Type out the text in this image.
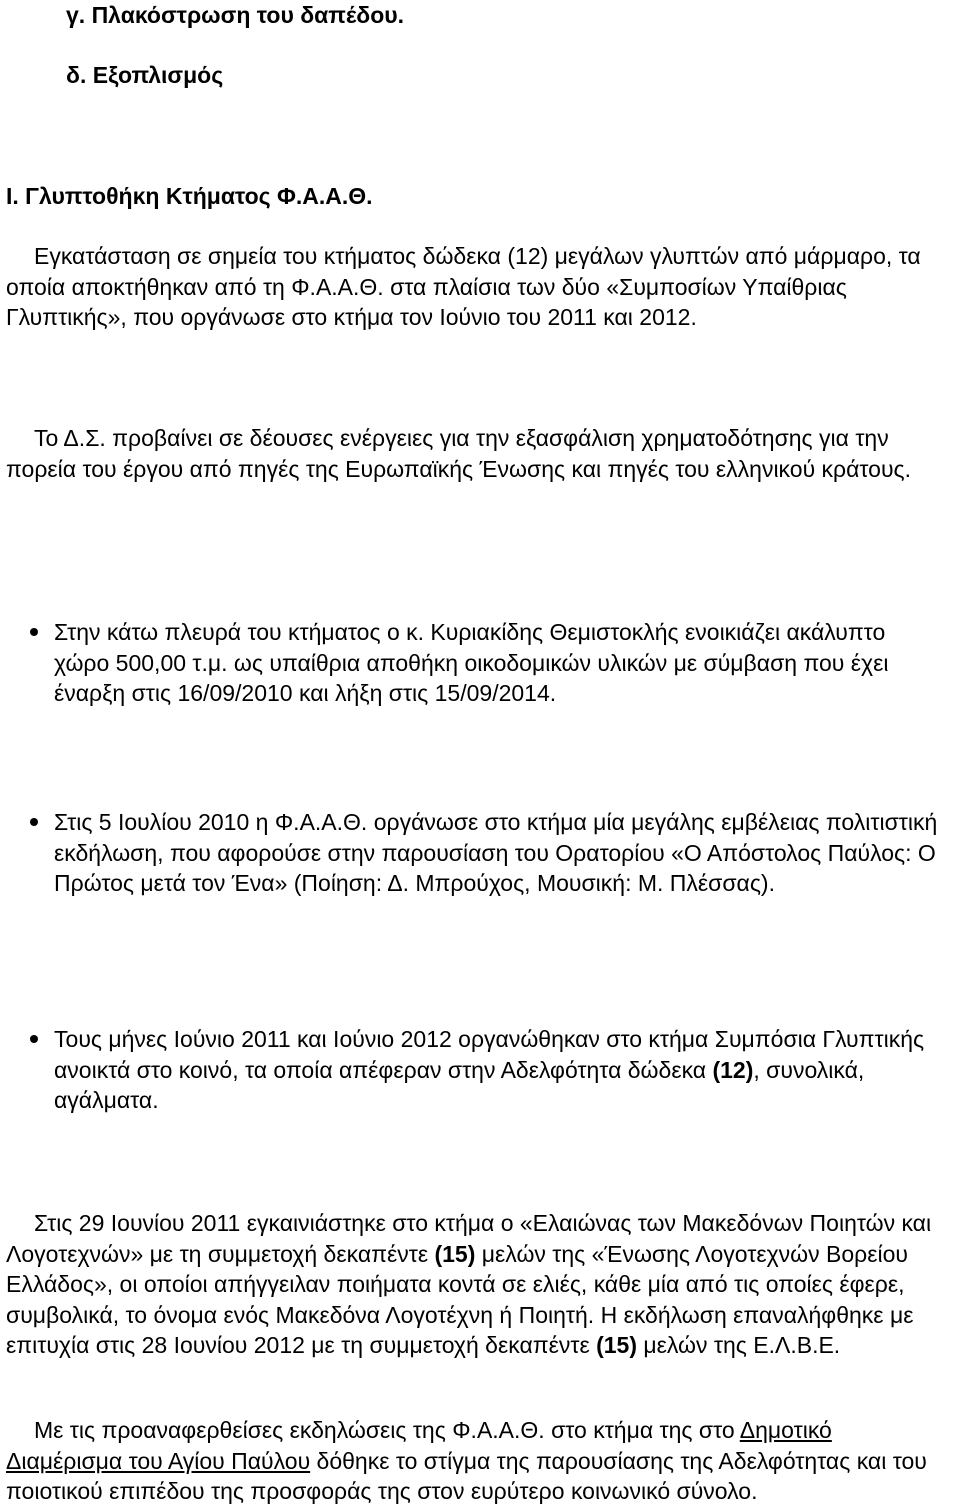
γ. Πλακόστρωση του δαπέδου.

δ. Εξοπλισμός

Ι. Γλυπτοθήκη Κτήματος Φ.Α.Α.Θ.

Εγκατάσταση σε σημεία του κτήματος δώδεκα (12) μεγάλων γλυπτών από μάρμαρο, τα οποία αποκτήθηκαν από τη Φ.Α.Α.Θ. στα πλαίσια των δύο «Συμποσίων Υπαίθριας Γλυπτικής», που οργάνωσε στο κτήμα τον Ιούνιο του 2011 και 2012.

Το Δ.Σ. προβαίνει σε δέουσες ενέργειες για την εξασφάλιση χρηματοδότησης για την πορεία του έργου από πηγές της Ευρωπαϊκής Ένωσης και πηγές του ελληνικού κράτους.

Στην κάτω πλευρά του κτήματος ο κ. Κυριακίδης Θεμιστοκλής ενοικιάζει ακάλυπτο χώρο 500,00 τ.μ. ως υπαίθρια αποθήκη οικοδομικών υλικών με σύμβαση που έχει έναρξη στις 16/09/2010 και λήξη στις 15/09/2014.
Στις 5 Ιουλίου 2010 η Φ.Α.Α.Θ. οργάνωσε στο κτήμα μία μεγάλης εμβέλειας πολιτιστική εκδήλωση, που αφορούσε στην παρουσίαση του Ορατορίου «Ο Απόστολος Παύλος: Ο Πρώτος μετά τον Ένα» (Ποίηση: Δ. Μπρούχος, Μουσική: Μ. Πλέσσας).
Τους μήνες Ιούνιο 2011 και Ιούνιο 2012 οργανώθηκαν στο κτήμα Συμπόσια Γλυπτικής ανοικτά στο κοινό, τα οποία απέφεραν στην Αδελφότητα δώδεκα (12), συνολικά, αγάλματα.

Στις 29 Ιουνίου 2011 εγκαινιάστηκε στο κτήμα ο «Ελαιώνας των Μακεδόνων Ποιητών και Λογοτεχνών» με τη συμμετοχή δεκαπέντε (15) μελών της «Ένωσης Λογοτεχνών Βορείου Ελλάδος», οι οποίοι απήγγειλαν ποιήματα κοντά σε ελιές, κάθε μία από τις οποίες έφερε, συμβολικά, το όνομα ενός Μακεδόνα Λογοτέχνη ή Ποιητή. Η εκδήλωση επαναλήφθηκε με επιτυχία στις 28 Ιουνίου 2012 με τη συμμετοχή δεκαπέντε (15) μελών της Ε.Λ.Β.Ε.

Με τις προαναφερθείσες εκδηλώσεις της Φ.Α.Α.Θ. στο κτήμα της στο Δημοτικό Διαμέρισμα του Αγίου Παύλου δόθηκε το στίγμα της παρουσίασης της Αδελφότητας και του ποιοτικού επιπέδου της προσφοράς της στον ευρύτερο κοινωνικό σύνολο.
